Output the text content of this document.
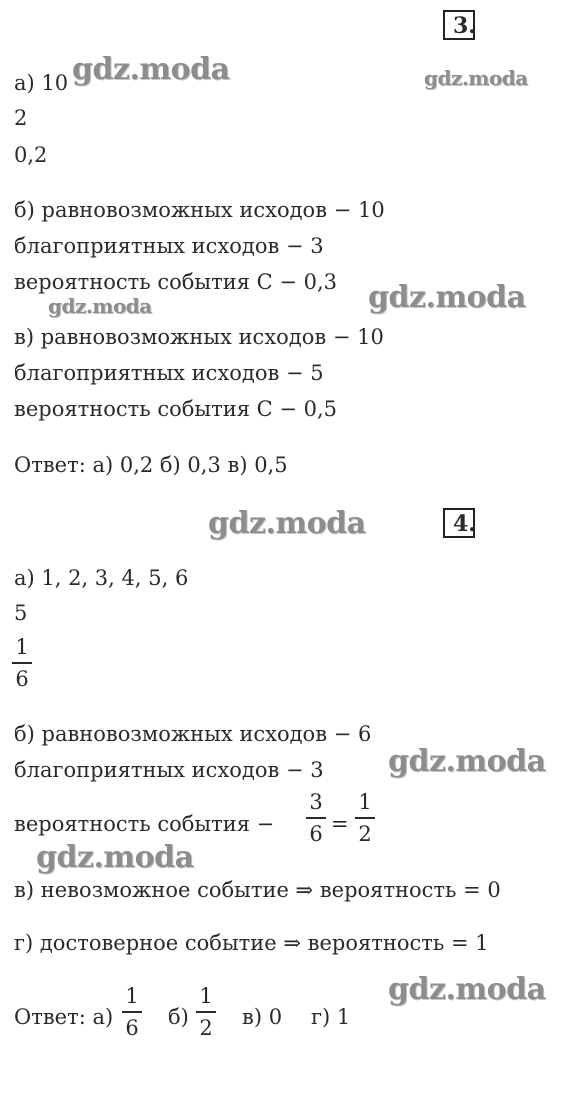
3.
а) 10
2
0,2
б) равновозможных исходов − 10
благоприятных исходов − 3
вероятность события С − 0,3
в) равновозможных исходов − 10
благоприятных исходов − 5
вероятность события С − 0,5
Ответ: а) 0,2 б) 0,3 в) 0,5
4.
а) 1, 2, 3, 4, 5, 6
5
1
6
б) равновозможных исходов − 6
благоприятных исходов − 3
вероятность события −
3
6 =
1
2
в) невозможное событие ⇒ вероятность = 0
г) достоверное событие ⇒ вероятность = 1
Ответ: а)
1
6 б)
1
2 в) 0 г) 1
gdz.moda	gdz.moda
gdz.moda
gdz.moda
gdz.moda
gdz.moda
gdz.moda
gdz.moda
